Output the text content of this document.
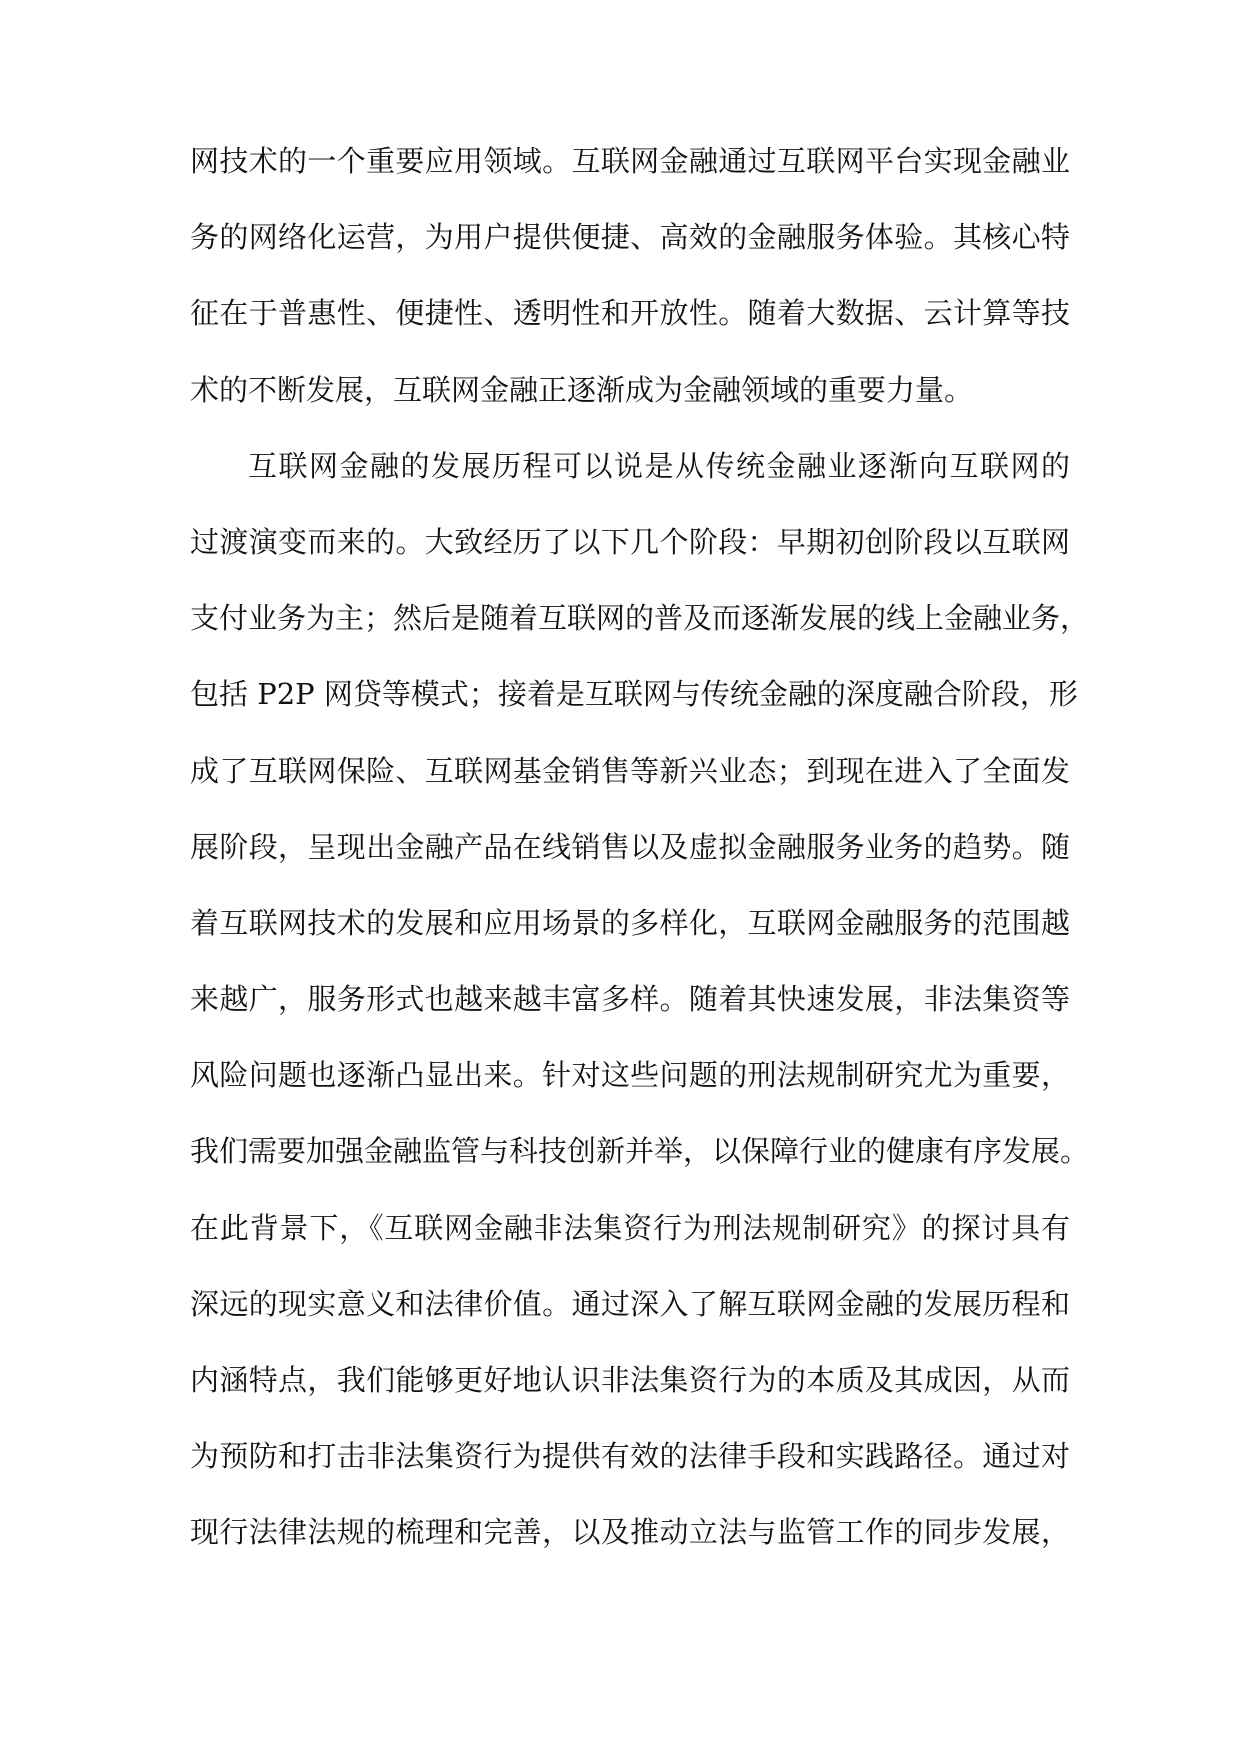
网技术的一个重要应用领域。互联网金融通过互联网平台实现金融业
务的网络化运营，为用户提供便捷、高效的金融服务体验。其核心特
征在于普惠性、便捷性、透明性和开放性。随着大数据、云计算等技
术的不断发展，互联网金融正逐渐成为金融领域的重要力量。
互联网金融的发展历程可以说是从传统金融业逐渐向互联网的
过渡演变而来的。大致经历了以下几个阶段：早期初创阶段以互联网
支付业务为主；然后是随着互联网的普及而逐渐发展的线上金融业务，
包括 P2P 网贷等模式；接着是互联网与传统金融的深度融合阶段，形
成了互联网保险、互联网基金销售等新兴业态；到现在进入了全面发
展阶段，呈现出金融产品在线销售以及虚拟金融服务业务的趋势。随
着互联网技术的发展和应用场景的多样化，互联网金融服务的范围越
来越广，服务形式也越来越丰富多样。随着其快速发展，非法集资等
风险问题也逐渐凸显出来。针对这些问题的刑法规制研究尤为重要，
我们需要加强金融监管与科技创新并举，以保障行业的健康有序发展。
在此背景下，《互联网金融非法集资行为刑法规制研究》的探讨具有
深远的现实意义和法律价值。通过深入了解互联网金融的发展历程和
内涵特点，我们能够更好地认识非法集资行为的本质及其成因，从而
为预防和打击非法集资行为提供有效的法律手段和实践路径。通过对
现行法律法规的梳理和完善，以及推动立法与监管工作的同步发展，
